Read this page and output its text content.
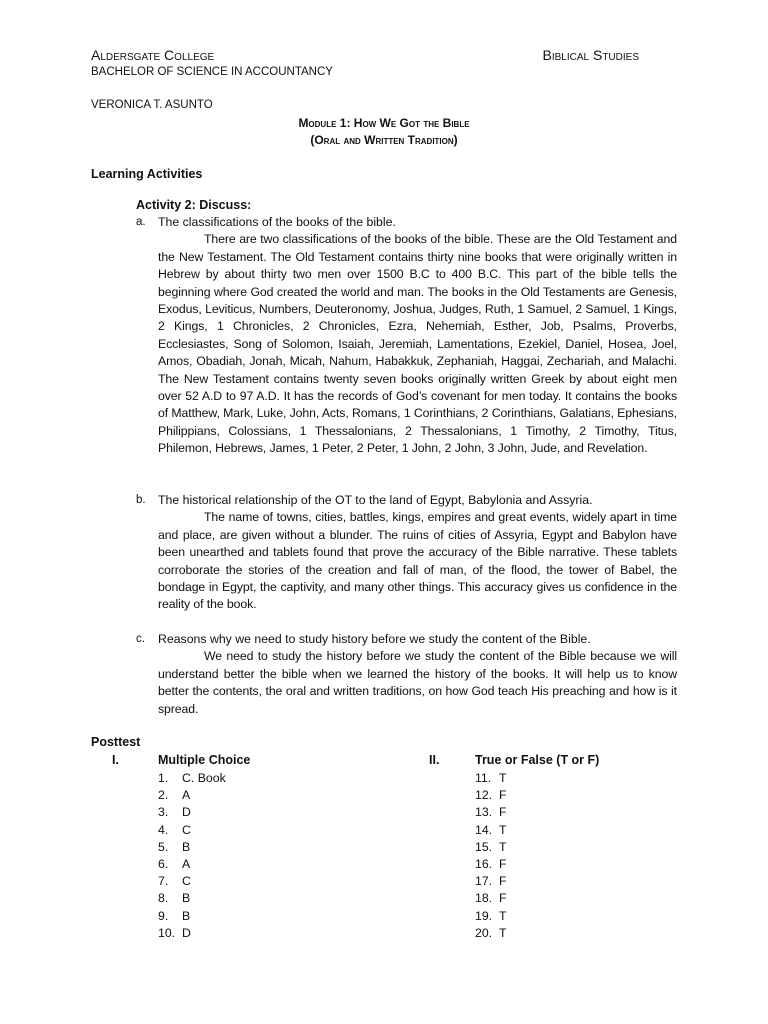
Aldersgate College
BACHELOR OF SCIENCE IN ACCOUNTANCY
Biblical Studies
VERONICA T. ASUNTO
Module 1: How We Got the Bible
(Oral and Written Tradition)
Learning Activities
Activity 2: Discuss:
a. The classifications of the books of the bible.
There are two classifications of the books of the bible. These are the Old Testament and the New Testament. The Old Testament contains thirty nine books that were originally written in Hebrew by about thirty two men over 1500 B.C to 400 B.C. This part of the bible tells the beginning where God created the world and man. The books in the Old Testaments are Genesis, Exodus, Leviticus, Numbers, Deuteronomy, Joshua, Judges, Ruth, 1 Samuel, 2 Samuel, 1 Kings, 2 Kings, 1 Chronicles, 2 Chronicles, Ezra, Nehemiah, Esther, Job, Psalms, Proverbs, Ecclesiastes, Song of Solomon, Isaiah, Jeremiah, Lamentations, Ezekiel, Daniel, Hosea, Joel, Amos, Obadiah, Jonah, Micah, Nahum, Habakkuk, Zephaniah, Haggai, Zechariah, and Malachi. The New Testament contains twenty seven books originally written Greek by about eight men over 52 A.D to 97 A.D. It has the records of God’s covenant for men today. It contains the books of Matthew, Mark, Luke, John, Acts, Romans, 1 Corinthians, 2 Corinthians, Galatians, Ephesians, Philippians, Colossians, 1 Thessalonians, 2 Thessalonians, 1 Timothy, 2 Timothy, Titus, Philemon, Hebrews, James, 1 Peter, 2 Peter, 1 John, 2 John, 3 John, Jude, and Revelation.
b. The historical relationship of the OT to the land of Egypt, Babylonia and Assyria.
The name of towns, cities, battles, kings, empires and great events, widely apart in time and place, are given without a blunder. The ruins of cities of Assyria, Egypt and Babylon have been unearthed and tablets found that prove the accuracy of the Bible narrative. These tablets corroborate the stories of the creation and fall of man, of the flood, the tower of Babel, the bondage in Egypt, the captivity, and many other things. This accuracy gives us confidence in the reality of the book.
c. Reasons why we need to study history before we study the content of the Bible.
We need to study the history before we study the content of the Bible because we will understand better the bible when we learned the history of the books. It will help us to know better the contents, the oral and written traditions, on how God teach His preaching and how is it spread.
Posttest
I.	Multiple Choice
1.	C. Book
2.	A
3.	D
4.	C
5.	B
6.	A
7.	C
8.	B
9.	B
10. D
II.	True or False (T or F)
11. T
12. F
13. F
14. T
15. T
16. F
17. F
18. F
19. T
20. T
